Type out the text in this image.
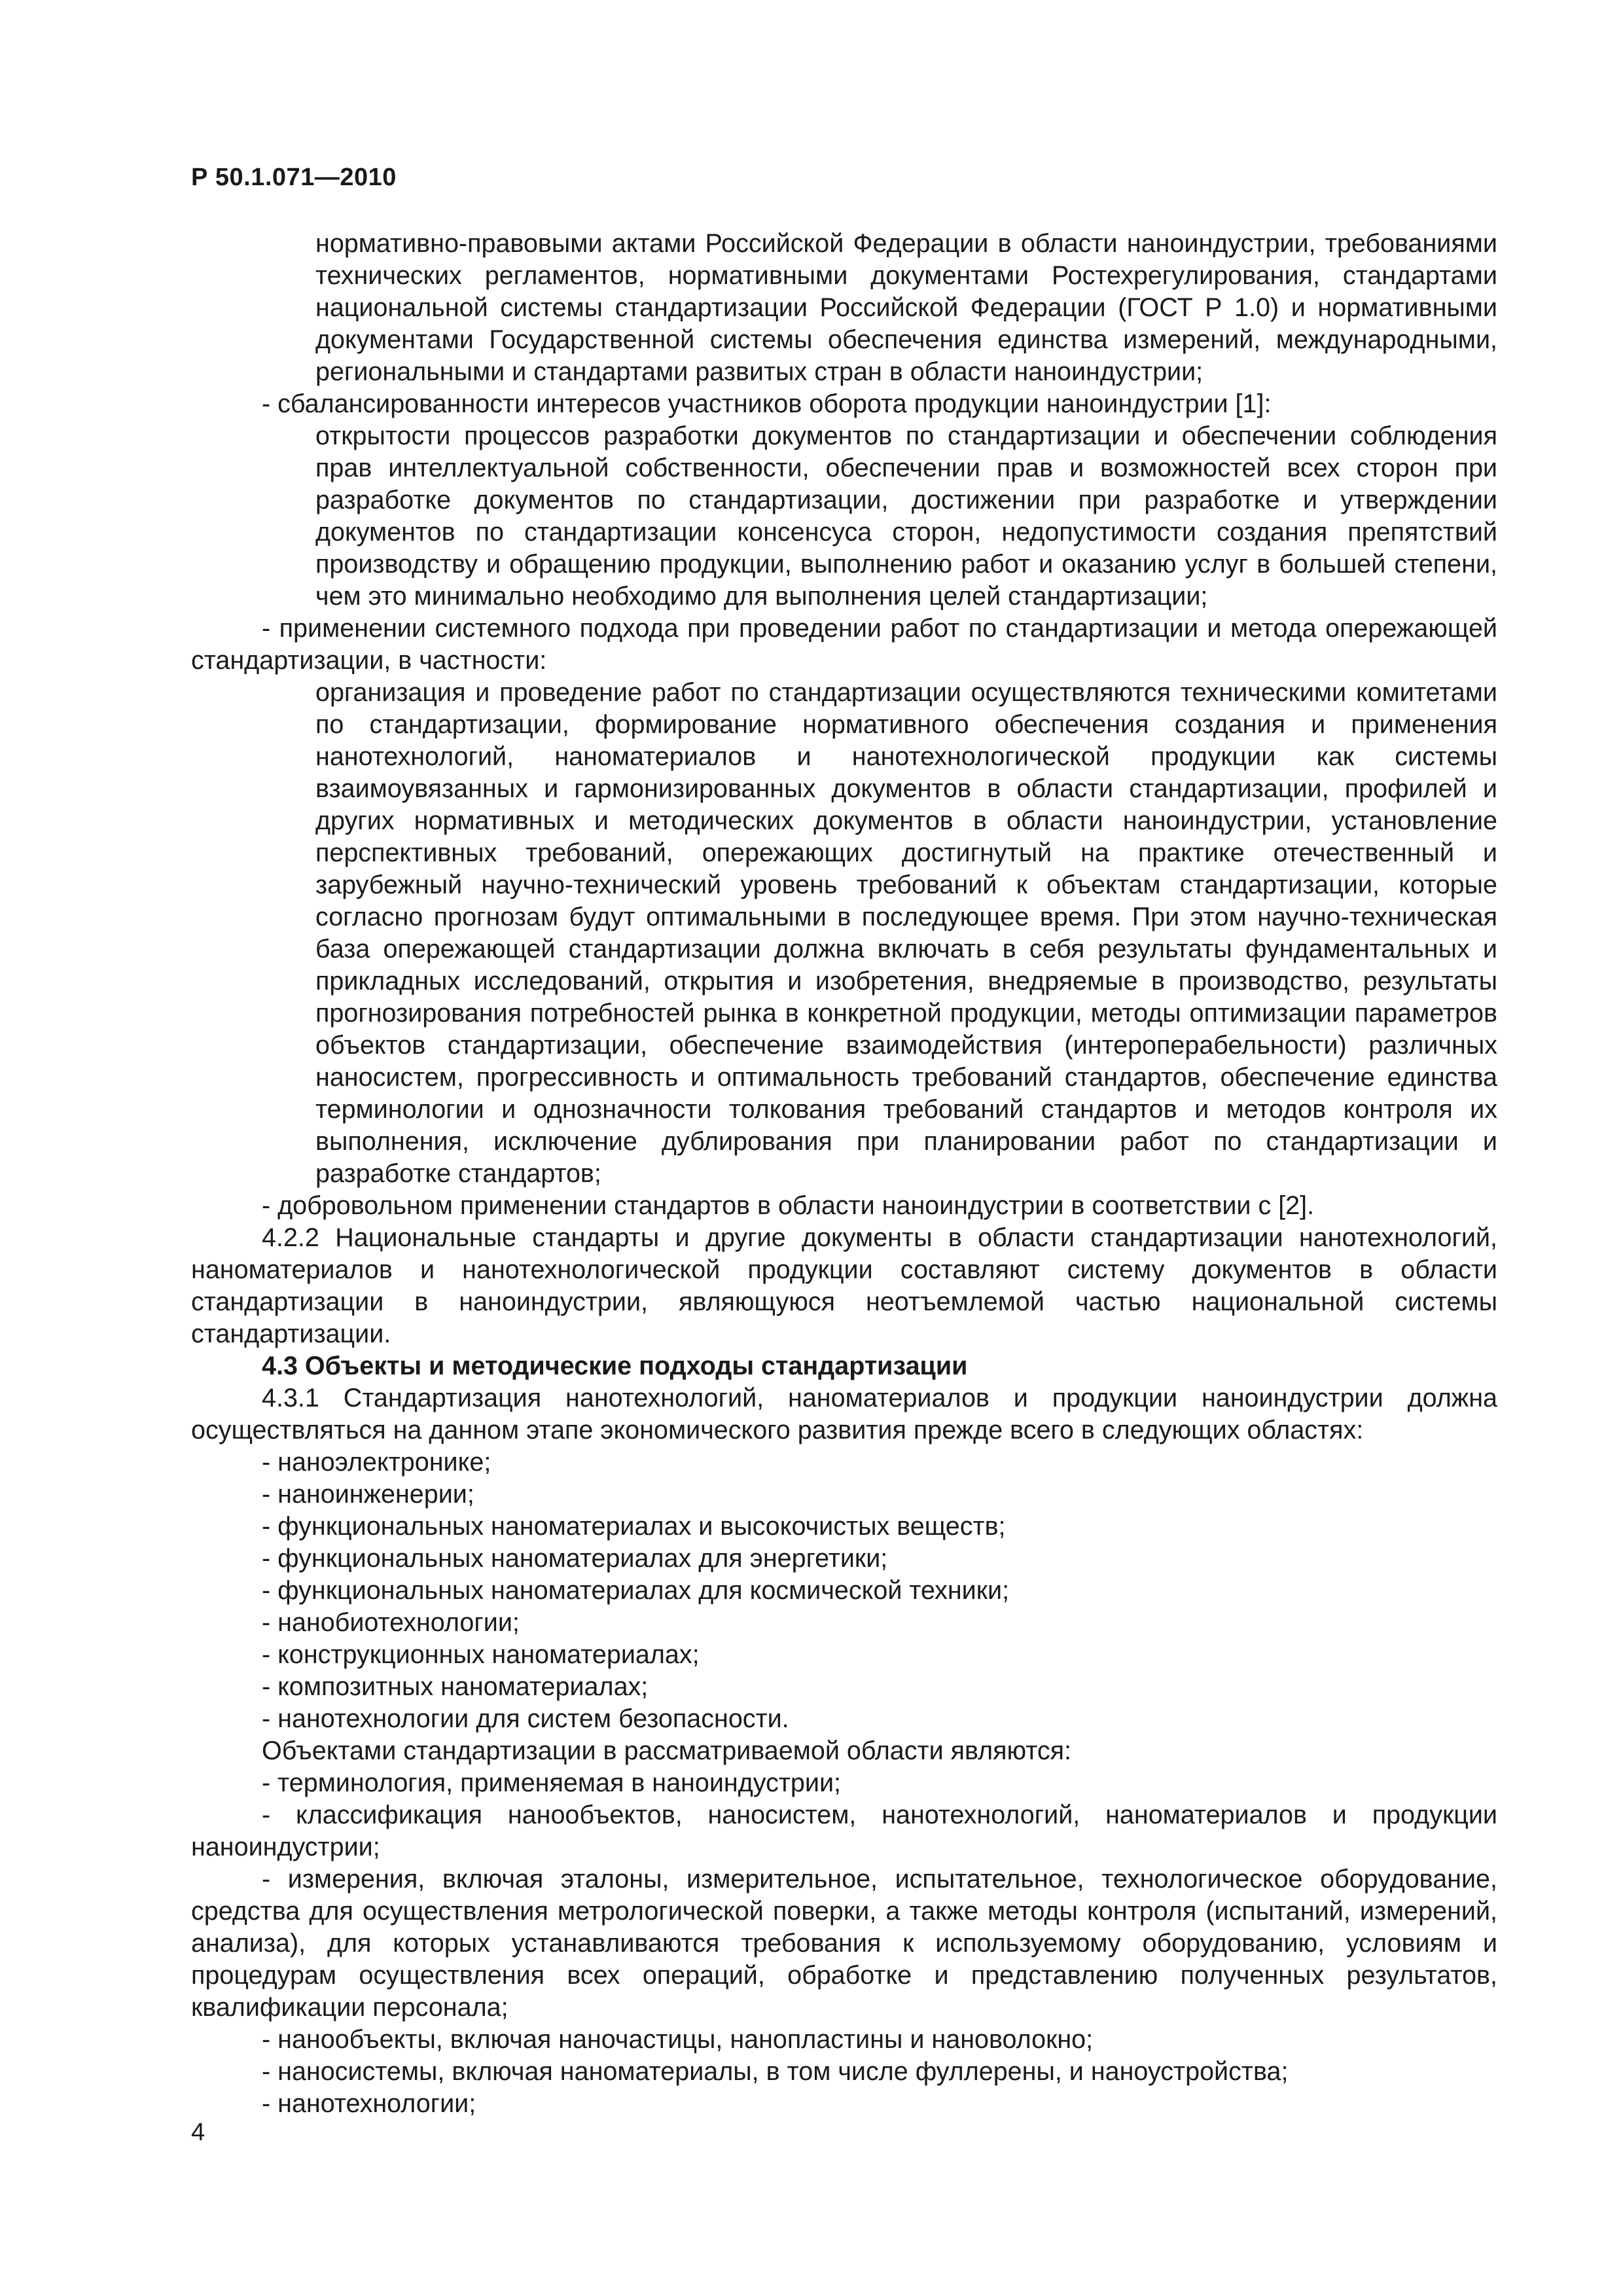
Р 50.1.071—2010

нормативно-правовыми актами Российской Федерации в области наноиндустрии, требованиями технических регламентов, нормативными документами Ростехрегулирования, стандартами национальной системы стандартизации Российской Федерации (ГОСТ Р 1.0) и нормативными документами Государственной системы обеспечения единства измерений, международными, региональными и стандартами развитых стран в области наноиндустрии;

- сбалансированности интересов участников оборота продукции наноиндустрии [1]:

открытости процессов разработки документов по стандартизации и обеспечении соблюдения прав интеллектуальной собственности, обеспечении прав и возможностей всех сторон при разработке документов по стандартизации, достижении при разработке и утверждении документов по стандартизации консенсуса сторон, недопустимости создания препятствий производству и обращению продукции, выполнению работ и оказанию услуг в большей степени, чем это минимально необходимо для выполнения целей стандартизации;

- применении системного подхода при проведении работ по стандартизации и метода опережающей стандартизации, в частности:

организация и проведение работ по стандартизации осуществляются техническими комитетами по стандартизации, формирование нормативного обеспечения создания и применения нанотехнологий, наноматериалов и нанотехнологической продукции как системы взаимоувязанных и гармонизированных документов в области стандартизации, профилей и других нормативных и методических документов в области наноиндустрии, установление перспективных требований, опережающих достигнутый на практике отечественный и зарубежный научно-технический уровень требований к объектам стандартизации, которые согласно прогнозам будут оптимальными в последующее время. При этом научно-техническая база опережающей стандартизации должна включать в себя результаты фундаментальных и прикладных исследований, открытия и изобретения, внедряемые в производство, результаты прогнозирования потребностей рынка в конкретной продукции, методы оптимизации параметров объектов стандартизации, обеспечение взаимодействия (интероперабельности) различных наносистем, прогрессивность и оптимальность требований стандартов, обеспечение единства терминологии и однозначности толкования требований стандартов и методов контроля их выполнения, исключение дублирования при планировании работ по стандартизации и разработке стандартов;

- добровольном применении стандартов в области наноиндустрии в соответствии с [2].

4.2.2 Национальные стандарты и другие документы в области стандартизации нанотехнологий, наноматериалов и нанотехнологической продукции составляют систему документов в области стандартизации в наноиндустрии, являющуюся неотъемлемой частью национальной системы стандартизации.

4.3 Объекты и методические подходы стандартизации

4.3.1 Стандартизация нанотехнологий, наноматериалов и продукции наноиндустрии должна осуществляться на данном этапе экономического развития прежде всего в следующих областях:

- наноэлектронике;

- наноинженерии;

- функциональных наноматериалах и высокочистых веществ;

- функциональных наноматериалах для энергетики;

- функциональных наноматериалах для космической техники;

- нанобиотехнологии;

- конструкционных наноматериалах;

- композитных наноматериалах;

- нанотехнологии для систем безопасности.

Объектами стандартизации в рассматриваемой области являются:

- терминология, применяемая в наноиндустрии;

- классификация нанообъектов, наносистем, нанотехнологий, наноматериалов и продукции наноиндустрии;

- измерения, включая эталоны, измерительное, испытательное, технологическое оборудование, средства для осуществления метрологической поверки, а также методы контроля (испытаний, измерений, анализа), для которых устанавливаются требования к используемому оборудованию, условиям и процедурам осуществления всех операций, обработке и представлению полученных результатов, квалификации персонала;

- нанообъекты, включая наночастицы, нанопластины и нановолокно;

- наносистемы, включая наноматериалы, в том числе фуллерены, и наноустройства;

- нанотехнологии;

4
